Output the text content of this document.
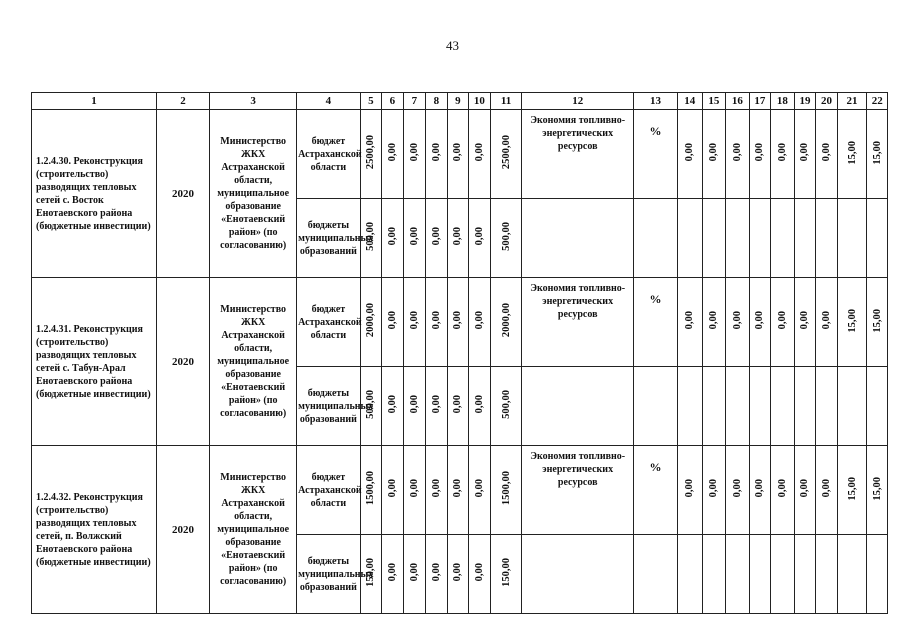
43
1	2	3	4	5	6	7	8	9	10	11	12	13	14	15	16	17	18	19	20	21	22
1.2.4.30. Реконструкция (строительство) разводящих тепловых сетей с. Восток Енотаевского района (бюджетные инвестиции)	2020	Министерство ЖКХ Астраханской области, муниципальное образование «Енотаевский район» (по согласованию)	бюджет Астраханской области	2500,00	0,00	0,00	0,00	0,00	0,00	2500,00	Экономия топливно-энергетических ресурсов	%	0,00	0,00	0,00	0,00	0,00	0,00	0,00	15,00	15,00
			бюджеты муниципальных образований	500,00	0,00	0,00	0,00	0,00	0,00	500,00											
1.2.4.31. Реконструкция (строительство) разводящих тепловых сетей с. Табун-Арал Енотаевского района (бюджетные инвестиции)	2020	Министерство ЖКХ Астраханской области, муниципальное образование «Енотаевский район» (по согласованию)	бюджет Астраханской области	2000,00	0,00	0,00	0,00	0,00	0,00	2000,00	Экономия топливно-энергетических ресурсов	%	0,00	0,00	0,00	0,00	0,00	0,00	0,00	15,00	15,00
			бюджеты муниципальных образований	500,00	0,00	0,00	0,00	0,00	0,00	500,00											
1.2.4.32. Реконструкция (строительство) разводящих тепловых сетей, п. Волжский Енотаевского района (бюджетные инвестиции)	2020	Министерство ЖКХ Астраханской области, муниципальное образование «Енотаевский район» (по согласованию)	бюджет Астраханской области	1500,00	0,00	0,00	0,00	0,00	0,00	1500,00	Экономия топливно-энергетических ресурсов	%	0,00	0,00	0,00	0,00	0,00	0,00	0,00	15,00	15,00
			бюджеты муниципальных образований	150,00	0,00	0,00	0,00	0,00	0,00	150,00											
